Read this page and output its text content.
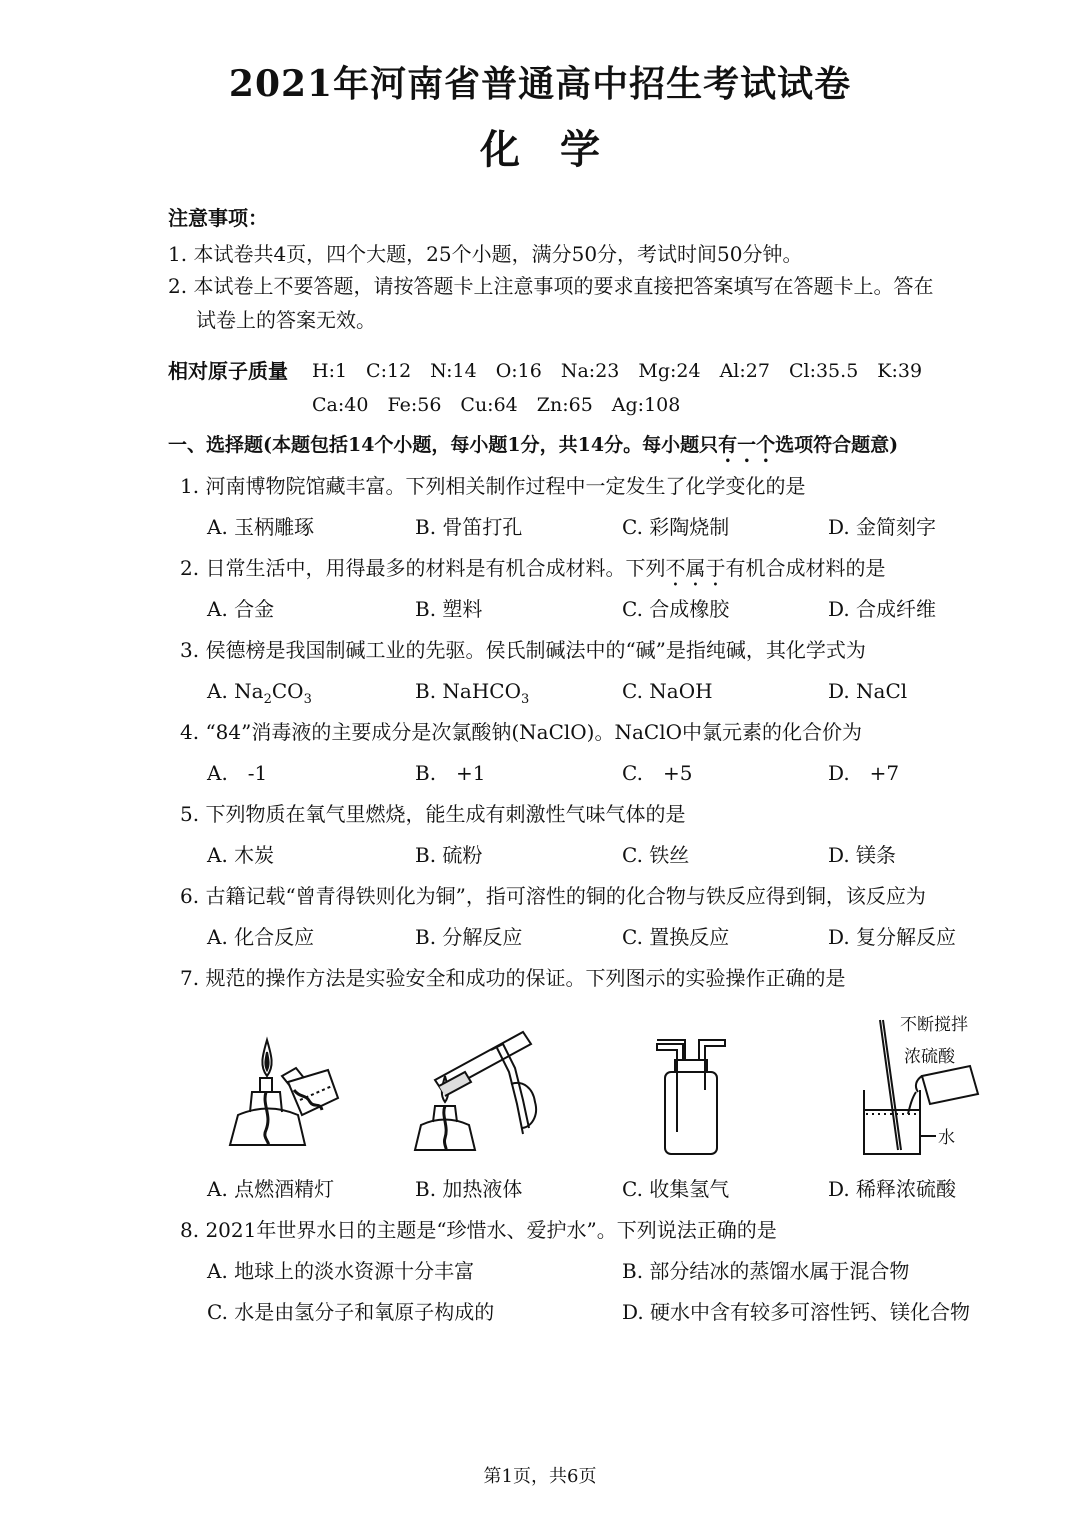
2021年河南省普通高中招生考试试卷
化　学
注意事项：
1. 本试卷共4页，四个大题，25个小题，满分50分，考试时间50分钟。
2. 本试卷上不要答题，请按答题卡上注意事项的要求直接把答案填写在答题卡上。答在
试卷上的答案无效。
相对原子质量 H:1　C:12　N:14　O:16　Na:23　Mg:24　Al:27　Cl:35.5　K:39
Ca:40　Fe:56　Cu:64　Zn:65　Ag:108
一、选择题(本题包括14个小题，每小题1分，共14分。每小题只有一个选项符合题意)
1. 河南博物院馆藏丰富。下列相关制作过程中一定发生了化学变化的是
A. 玉柄雕琢	B. 骨笛打孔	C. 彩陶烧制	D. 金简刻字
2. 日常生活中，用得最多的材料是有机合成材料。下列不属于有机合成材料的是
A. 合金	B. 塑料	C. 合成橡胶	D. 合成纤维
3. 侯德榜是我国制碱工业的先驱。侯氏制碱法中的“碱”是指纯碱，其化学式为
A. $Na_2CO_3$	B. NaHCO$_3$	C. NaOH	D. NaCl
4. “84”消毒液的主要成分是次氯酸钠(NaClO)。NaClO中氯元素的化合价为
A.　-1	B.　+1	C.　+5	D.　+7
5. 下列物质在氧气里燃烧，能生成有刺激性气味气体的是
A. 木炭	B. 硫粉	C. 铁丝	D. 镁条
6. 古籍记载“曾青得铁则化为铜”，指可溶性的铜的化合物与铁反应得到铜，该反应为
A. 化合反应	B. 分解反应	C. 置换反应	D. 复分解反应
7. 规范的操作方法是实验安全和成功的保证。下列图示的实验操作正确的是
不断搅拌
浓硫酸
水
A. 点燃酒精灯	B. 加热液体	C. 收集氢气	D. 稀释浓硫酸
8. 2021年世界水日的主题是“珍惜水、爱护水”。下列说法正确的是
A. 地球上的淡水资源十分丰富	B. 部分结冰的蒸馏水属于混合物
C. 水是由氢分子和氧原子构成的	D. 硬水中含有较多可溶性钙、镁化合物
第1页，共6页
